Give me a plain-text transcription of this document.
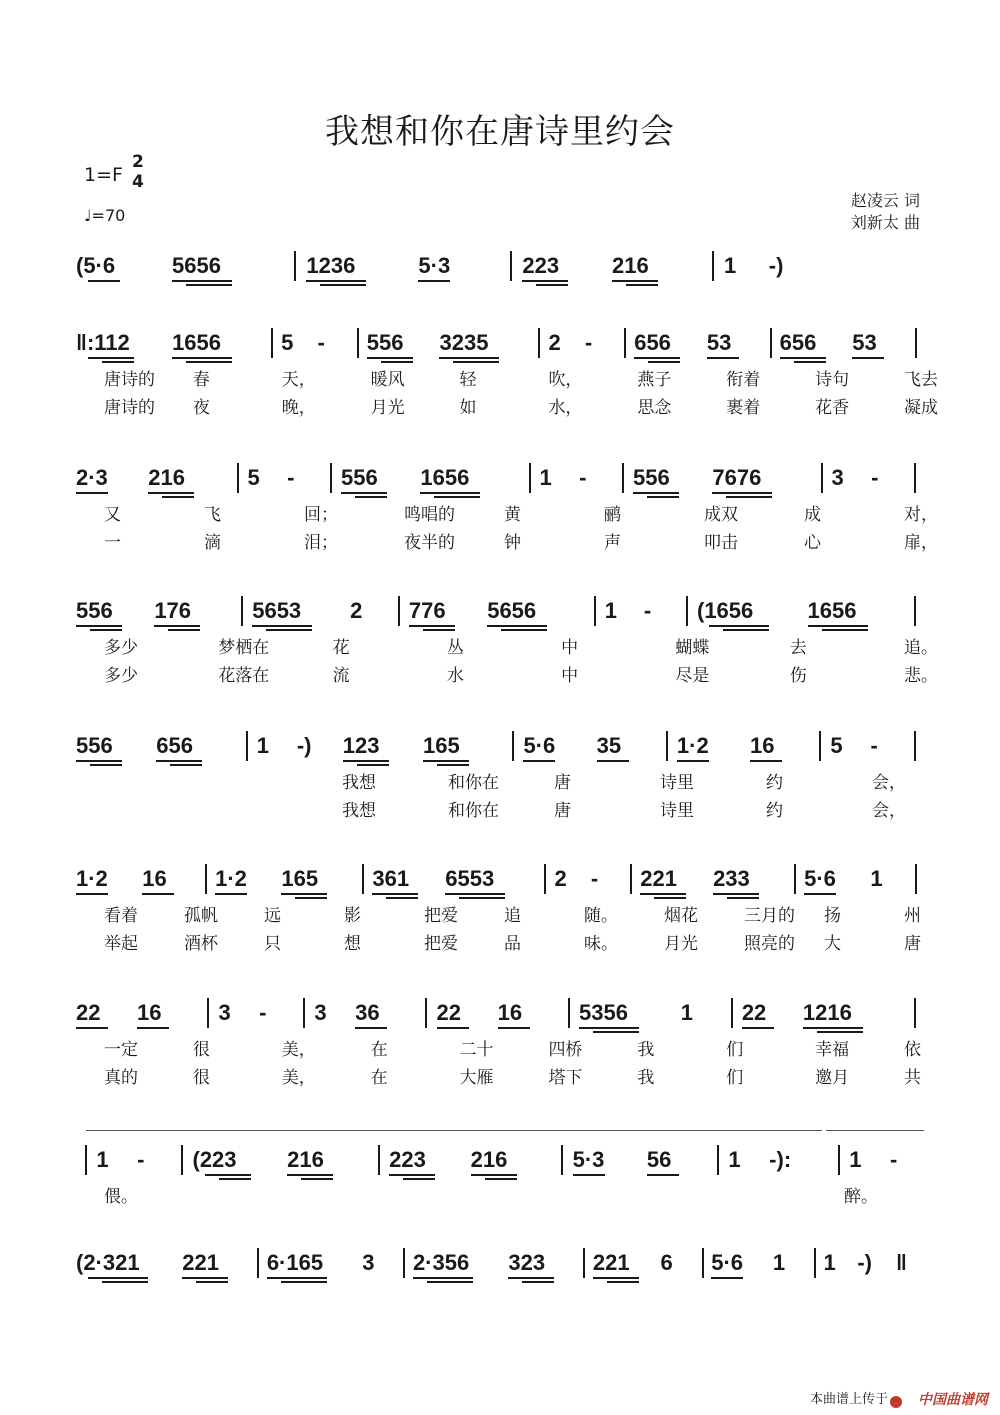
我想和你在唐诗里约会
1=F
2
4
♩=70
赵凌云 词
刘新太 曲
(5·6	5656	1236	5·3	223 216	1 -)
‖:112 1656	5 - 556 3235	2 - 656 53 656 53
唐诗的 春	天，	暖风	轻	吹，	燕子	衔着	诗句	飞去
唐诗的 夜	晚，	月光	如	水，	思念	裹着	花香	凝成
2·3 216	5 - 556 1656	1 - 556 7676	3 -
又	飞	回；	鸣唱的	黄	鹂	成双	成	对，
一	滴	泪；	夜半的	钟	声	叩击	心	扉，
556 176	5653 2 776 5656	1 - (1656 1656
多少	梦栖在	花	丛	中	蝴蝶	去	追。
多少	花落在	流	水	中	尽是	伤	悲。
556 656	1 -) 123 165	5·6 35	1·2 16	5 -
我想	和你在	唐	诗里	约	会，
我想	和你在	唐	诗里	约	会，
1·2 16 1·2 165 361 6553	2 - 221 233 5·6 1
看着	孤帆	远	影	把爱	追	随。	烟花	三月的 扬	州
举起	酒杯	只	想	把爱	品	味。	月光	照亮的 大	唐
22 16	3 - 3 36	22 16	5356 1 22 1216
一定	很	美，	在	二十	四桥	我	们	幸福	依
真的	很	美，	在	大雁	塔下	我	们	邀月	共
1 - (223 216	223 216	5·3 56	1 -):	1 -
偎。	醉。
(2·321 221 6·165 3 2·356 323 221 6 5·6 1 1 -) ‖
本曲谱上传于 中国曲谱网
